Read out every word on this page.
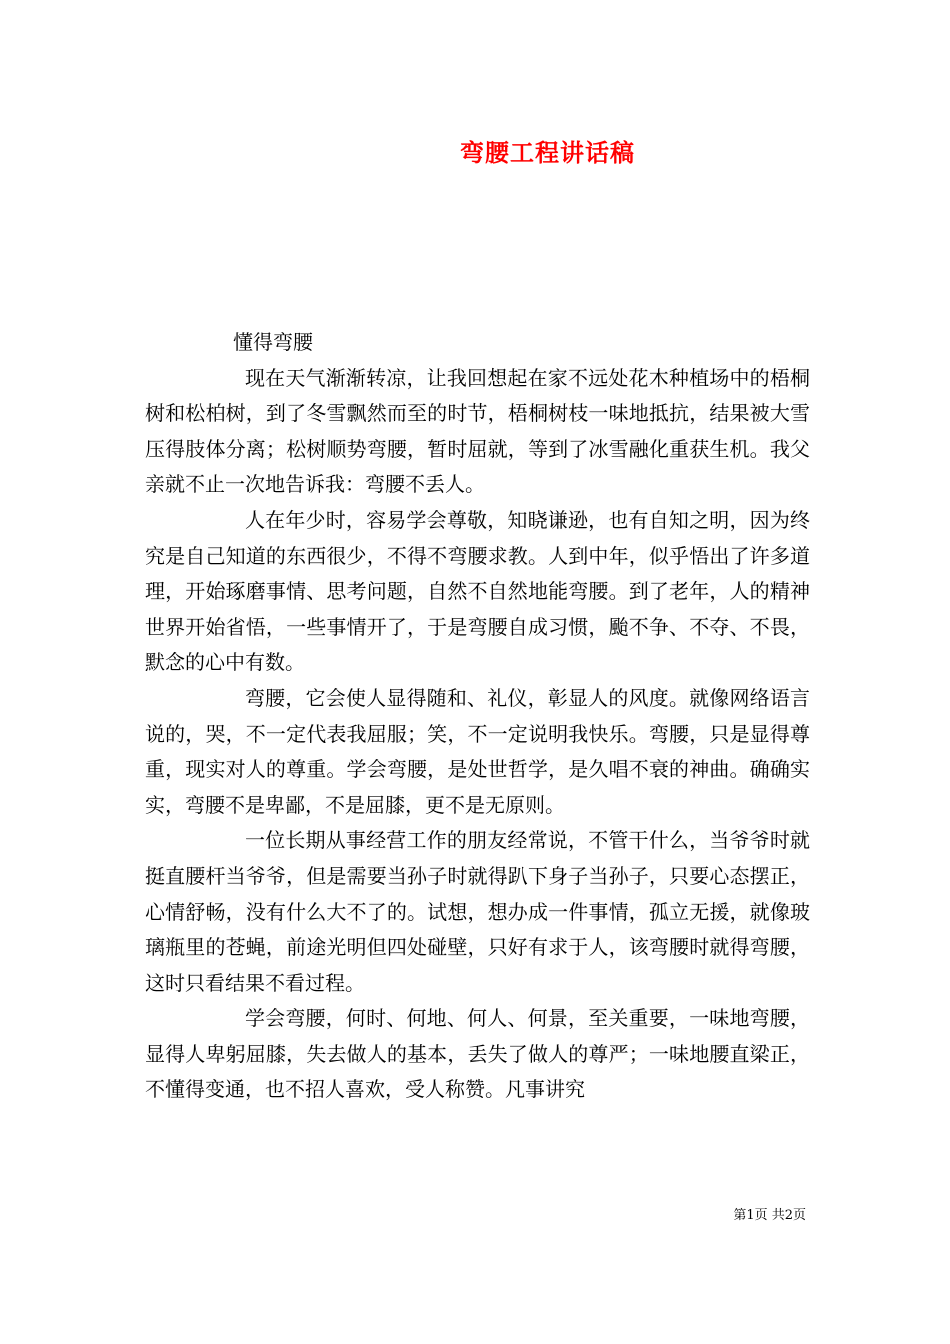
弯腰工程讲话稿

懂得弯腰

现在天气渐渐转凉，让我回想起在家不远处花木种植场中的梧桐树和松柏树，到了冬雪飘然而至的时节，梧桐树枝一味地抵抗，结果被大雪压得肢体分离；松树顺势弯腰，暂时屈就，等到了冰雪融化重获生机。我父亲就不止一次地告诉我：弯腰不丢人。

人在年少时，容易学会尊敬，知晓谦逊，也有自知之明，因为终究是自己知道的东西很少，不得不弯腰求教。人到中年，似乎悟出了许多道理，开始琢磨事情、思考问题，自然不自然地能弯腰。到了老年，人的精神世界开始省悟，一些事情开了，于是弯腰自成习惯，颱不争、不夺、不畏，默念的心中有数。

弯腰，它会使人显得随和、礼仪，彰显人的风度。就像网络语言说的，哭，不一定代表我屈服；笑，不一定说明我快乐。弯腰，只是显得尊重，现实对人的尊重。学会弯腰，是处世哲学，是久唱不衰的神曲。确确实实，弯腰不是卑鄙，不是屈膝，更不是无原则。

一位长期从事经营工作的朋友经常说，不管干什么，当爷爷时就挺直腰杆当爷爷，但是需要当孙子时就得趴下身子当孙子，只要心态摆正，心情舒畅，没有什么大不了的。试想，想办成一件事情，孤立无援，就像玻璃瓶里的苍蝇，前途光明但四处碰壁，只好有求于人，该弯腰时就得弯腰，这时只看结果不看过程。

学会弯腰，何时、何地、何人、何景，至关重要，一味地弯腰，显得人卑躬屈膝，失去做人的基本，丢失了做人的尊严；一味地腰直梁正，不懂得变通，也不招人喜欢，受人称赞。凡事讲究

第1页 共2页
